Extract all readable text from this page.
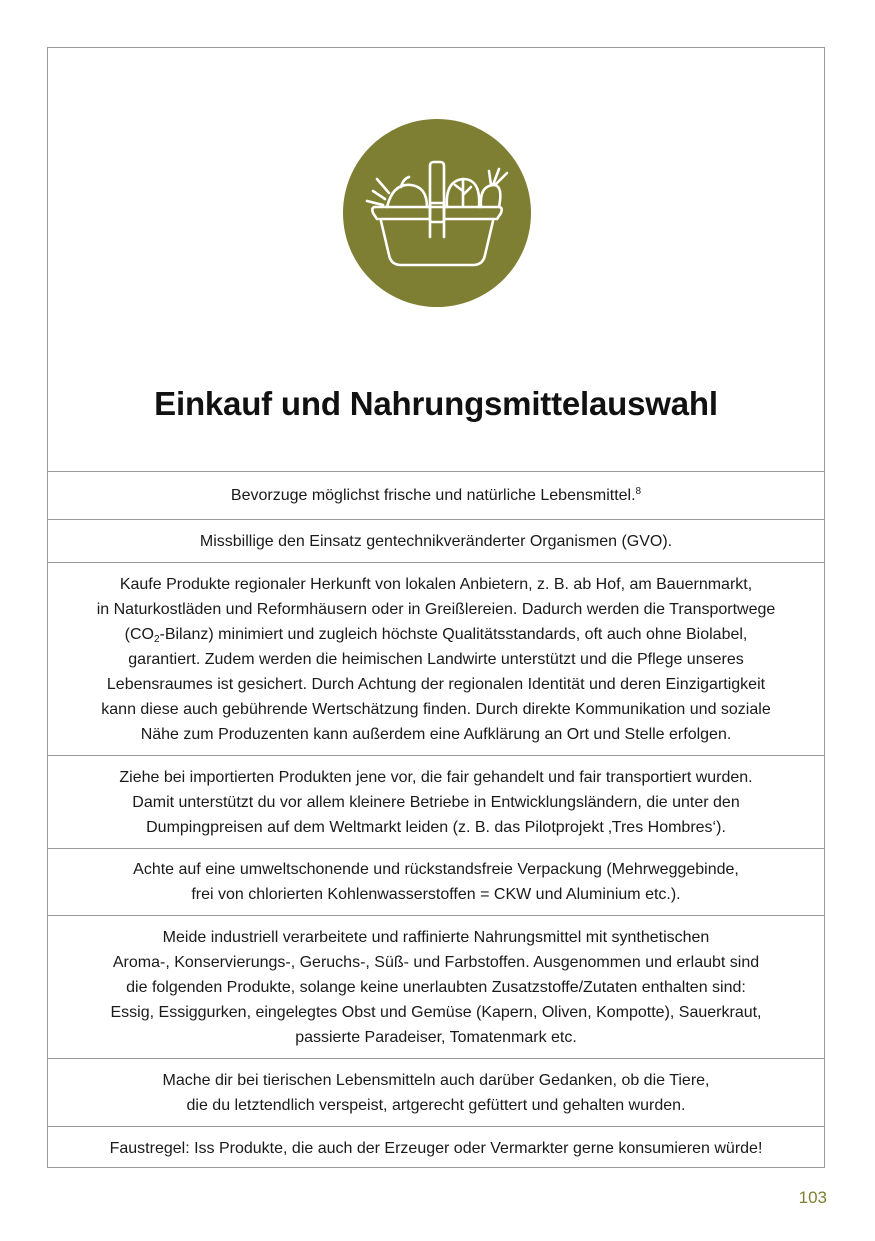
Einkauf und Nahrungsmittelauswahl

Bevorzuge möglichst frische und natürliche Lebensmittel.$^8$

Missbillige den Einsatz gentechnikveränderter Organismen (GVO).

Kaufe Produkte regionaler Herkunft von lokalen Anbietern, z. B. ab Hof, am Bauernmarkt,
in Naturkostläden und Reformhäusern oder in Greißlereien. Dadurch werden die Transportwege
$(CO_2-Bilanz)$ minimiert und zugleich höchste Qualitätsstandards, oft auch ohne Biolabel,
garantiert. Zudem werden die heimischen Landwirte unterstützt und die Pflege unseres
Lebensraumes ist gesichert. Durch Achtung der regionalen Identität und deren Einzigartigkeit
kann diese auch gebührende Wertschätzung finden. Durch direkte Kommunikation und soziale
Nähe zum Produzenten kann außerdem eine Aufklärung an Ort und Stelle erfolgen.

Ziehe bei importierten Produkten jene vor, die fair gehandelt und fair transportiert wurden.
Damit unterstützt du vor allem kleinere Betriebe in Entwicklungsländern, die unter den
Dumpingpreisen auf dem Weltmarkt leiden (z. B. das Pilotprojekt ‚Tres Hombres‘).

Achte auf eine umweltschonende und rückstandsfreie Verpackung (Mehrweggebinde,
frei von chlorierten Kohlenwasserstoffen = CKW und Aluminium etc.).

Meide industriell verarbeitete und raffinierte Nahrungsmittel mit synthetischen
Aroma-, Konservierungs-, Geruchs-, Süß- und Farbstoffen. Ausgenommen und erlaubt sind
die folgenden Produkte, solange keine unerlaubten Zusatzstoffe/Zutaten enthalten sind:
Essig, Essiggurken, eingelegtes Obst und Gemüse (Kapern, Oliven, Kompotte), Sauerkraut,
passierte Paradeiser, Tomatenmark etc.

Mache dir bei tierischen Lebensmitteln auch darüber Gedanken, ob die Tiere,
die du letztendlich verspeist, artgerecht gefüttert und gehalten wurden.

Faustregel: Iss Produkte, die auch der Erzeuger oder Vermarkter gerne konsumieren würde!

103
